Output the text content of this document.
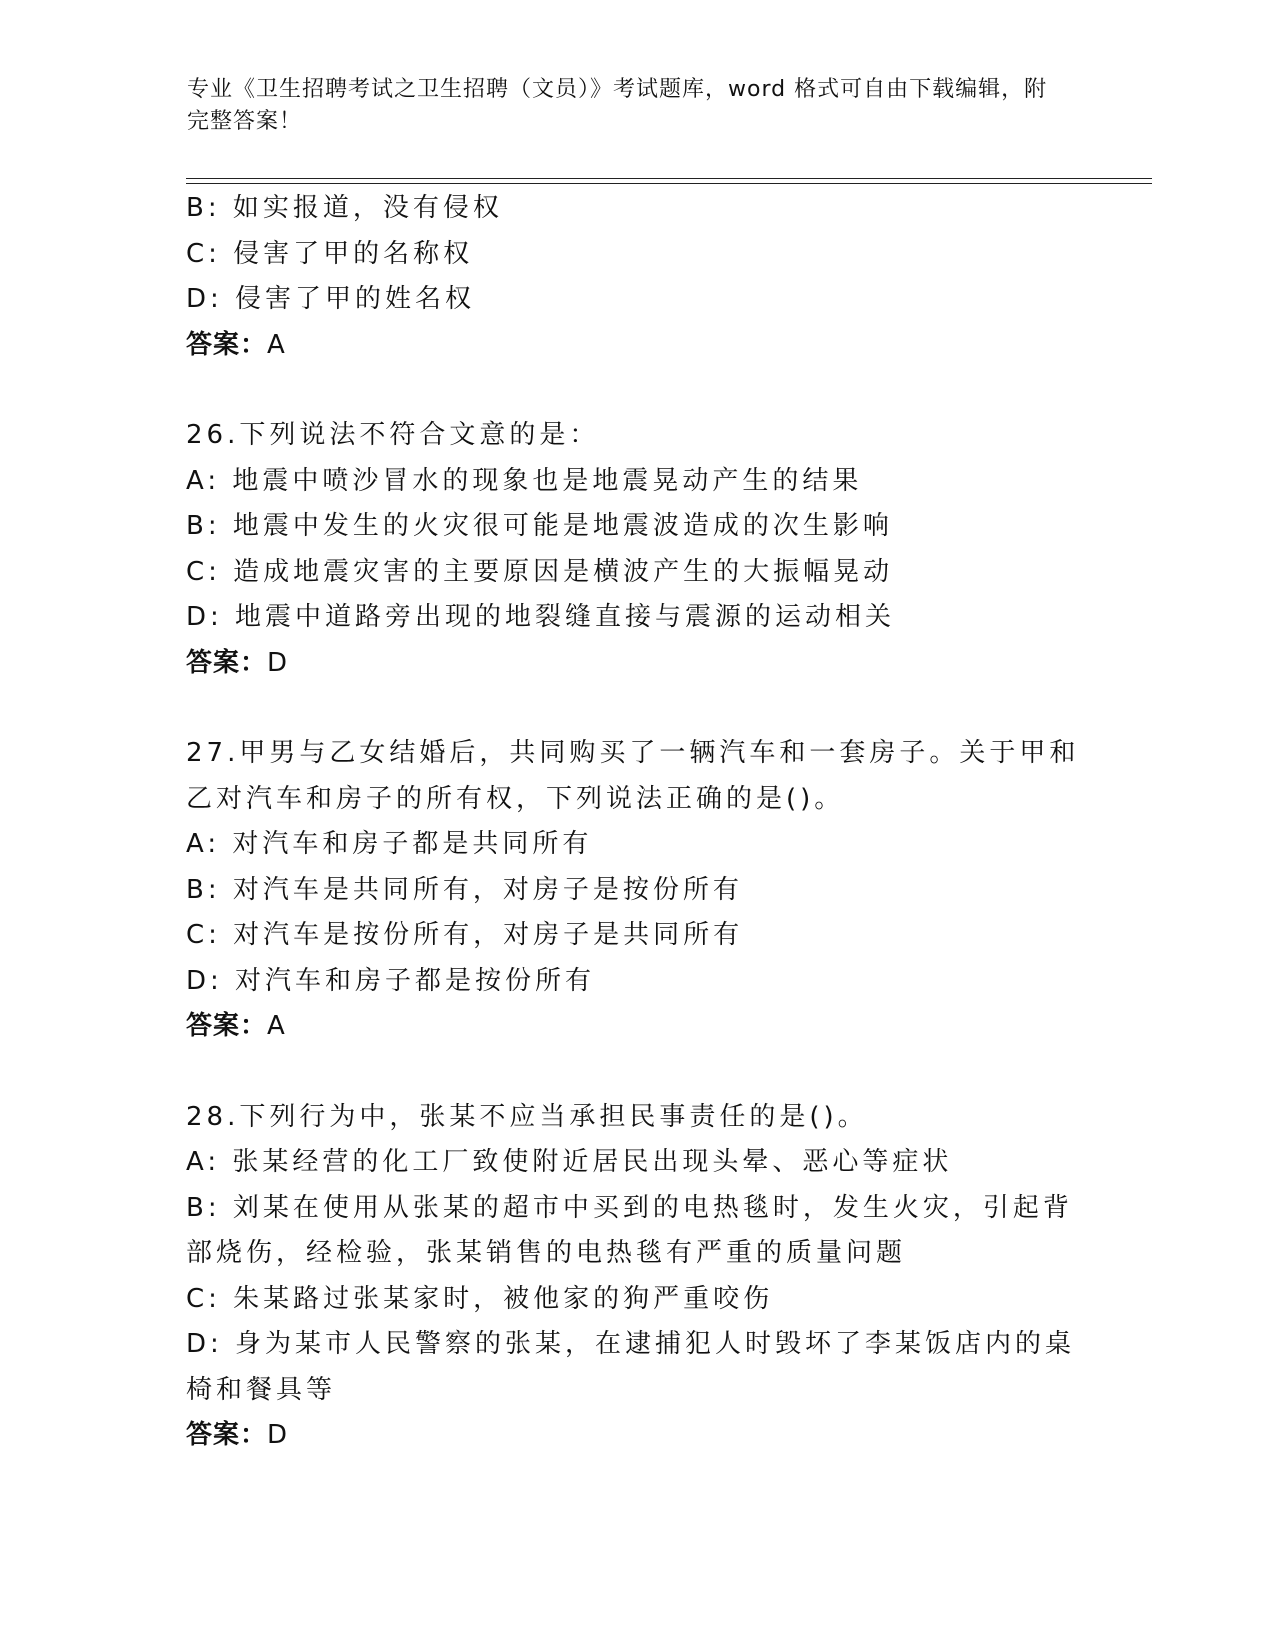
专业《卫生招聘考试之卫生招聘（文员）》考试题库，word 格式可自由下载编辑，附完整答案！
B: 如实报道，没有侵权
C: 侵害了甲的名称权
D: 侵害了甲的姓名权
答案：A
26.下列说法不符合文意的是：
A: 地震中喷沙冒水的现象也是地震晃动产生的结果
B: 地震中发生的火灾很可能是地震波造成的次生影响
C: 造成地震灾害的主要原因是横波产生的大振幅晃动
D: 地震中道路旁出现的地裂缝直接与震源的运动相关
答案：D
27.甲男与乙女结婚后，共同购买了一辆汽车和一套房子。关于甲和乙对汽车和房子的所有权，下列说法正确的是()。
A: 对汽车和房子都是共同所有
B: 对汽车是共同所有，对房子是按份所有
C: 对汽车是按份所有，对房子是共同所有
D: 对汽车和房子都是按份所有
答案：A
28.下列行为中，张某不应当承担民事责任的是()。
A: 张某经营的化工厂致使附近居民出现头晕、恶心等症状
B: 刘某在使用从张某的超市中买到的电热毯时，发生火灾，引起背部烧伤，经检验，张某销售的电热毯有严重的质量问题
C: 朱某路过张某家时，被他家的狗严重咬伤
D: 身为某市人民警察的张某，在逮捕犯人时毁坏了李某饭店内的桌椅和餐具等
答案：D
